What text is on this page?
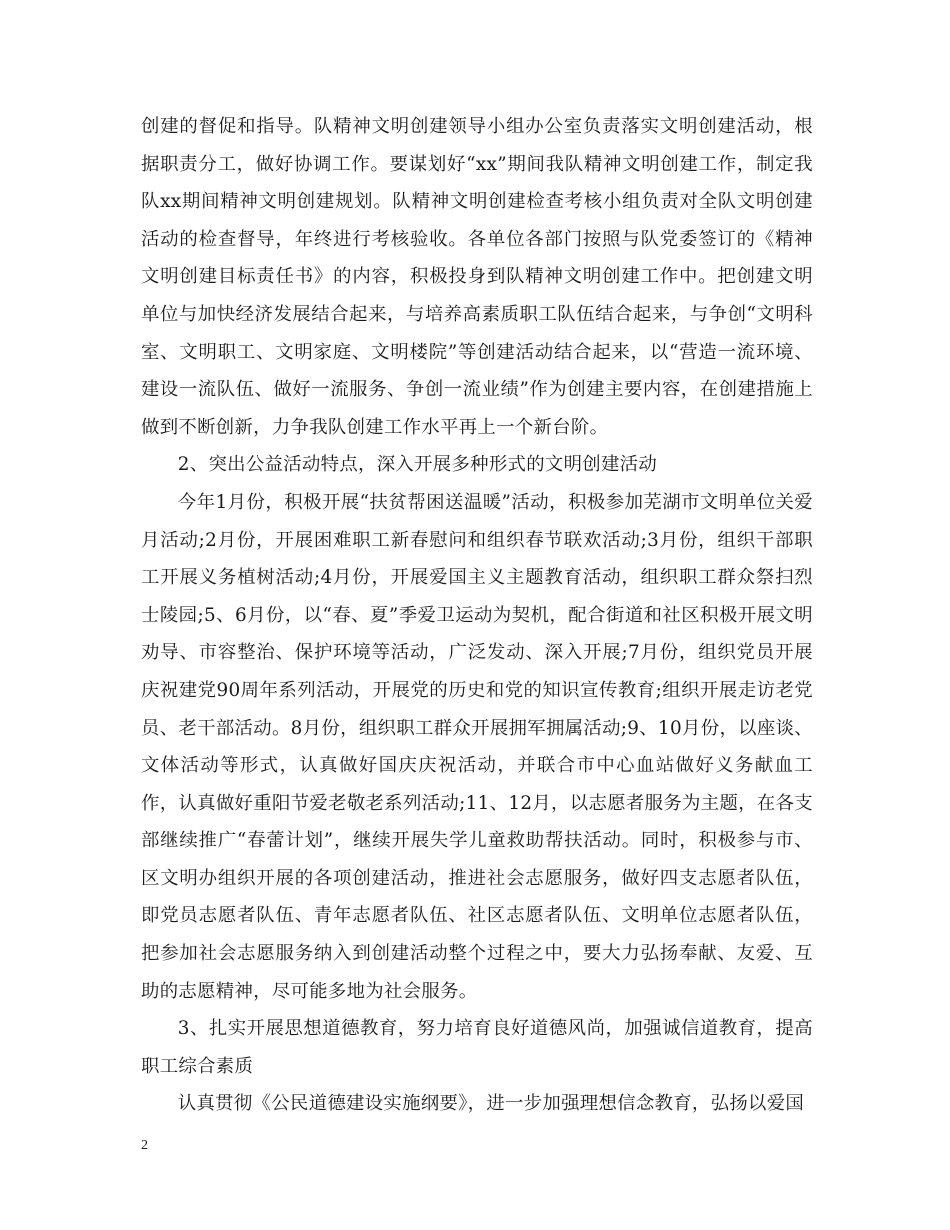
创建的督促和指导。队精神文明创建领导小组办公室负责落实文明创建活动，根据职责分工，做好协调工作。要谋划好“xx”期间我队精神文明创建工作，制定我队xx期间精神文明创建规划。队精神文明创建检查考核小组负责对全队文明创建活动的检查督导，年终进行考核验收。各单位各部门按照与队党委签订的《精神文明创建目标责任书》的内容，积极投身到队精神文明创建工作中。把创建文明单位与加快经济发展结合起来，与培养高素质职工队伍结合起来，与争创“文明科室、文明职工、文明家庭、文明楼院”等创建活动结合起来，以“营造一流环境、建设一流队伍、做好一流服务、争创一流业绩”作为创建主要内容，在创建措施上做到不断创新，力争我队创建工作水平再上一个新台阶。

2、突出公益活动特点，深入开展多种形式的文明创建活动

今年1月份，积极开展“扶贫帮困送温暖”活动，积极参加芜湖市文明单位关爱月活动;2月份，开展困难职工新春慰问和组织春节联欢活动;3月份，组织干部职工开展义务植树活动;4月份，开展爱国主义主题教育活动，组织职工群众祭扫烈士陵园;5、6月份，以“春、夏”季爱卫运动为契机，配合街道和社区积极开展文明劝导、市容整治、保护环境等活动，广泛发动、深入开展;7月份，组织党员开展庆祝建党90周年系列活动，开展党的历史和党的知识宣传教育;组织开展走访老党员、老干部活动。8月份，组织职工群众开展拥军拥属活动;9、10月份，以座谈、文体活动等形式，认真做好国庆庆祝活动，并联合市中心血站做好义务献血工作，认真做好重阳节爱老敬老系列活动;11、12月，以志愿者服务为主题，在各支部继续推广“春蕾计划”，继续开展失学儿童救助帮扶活动。同时，积极参与市、区文明办组织开展的各项创建活动，推进社会志愿服务，做好四支志愿者队伍，即党员志愿者队伍、青年志愿者队伍、社区志愿者队伍、文明单位志愿者队伍，把参加社会志愿服务纳入到创建活动整个过程之中，要大力弘扬奉献、友爱、互助的志愿精神，尽可能多地为社会服务。

3、扎实开展思想道德教育，努力培育良好道德风尚，加强诚信道教育，提高职工综合素质

认真贯彻《公民道德建设实施纲要》，进一步加强理想信念教育，弘扬以爱国

2
